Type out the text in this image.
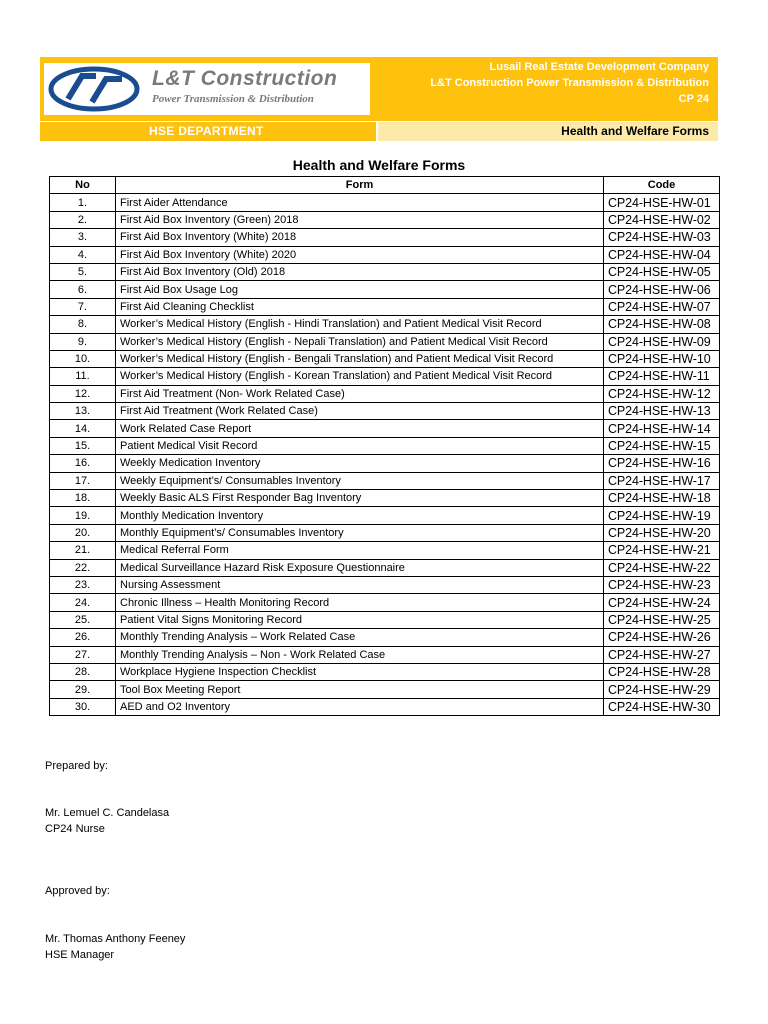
L&T Construction
Power Transmission & Distribution
Lusail Real Estate Development Company
L&T Construction Power Transmission & Distribution
CP 24
HSE DEPARTMENT	Health and Welfare Forms
Health and Welfare Forms
No	Form	Code
1.	First Aider Attendance	CP24-HSE-HW-01
2.	First Aid Box Inventory (Green) 2018	CP24-HSE-HW-02
3.	First Aid Box Inventory (White) 2018	CP24-HSE-HW-03
4.	First Aid Box Inventory (White) 2020	CP24-HSE-HW-04
5.	First Aid Box Inventory (Old) 2018	CP24-HSE-HW-05
6.	First Aid Box Usage Log	CP24-HSE-HW-06
7.	First Aid Cleaning Checklist	CP24-HSE-HW-07
8.	Worker’s Medical History (English - Hindi Translation) and Patient Medical Visit Record	CP24-HSE-HW-08
9.	Worker’s Medical History (English - Nepali Translation) and Patient Medical Visit Record	CP24-HSE-HW-09
10.	Worker’s Medical History (English - Bengali Translation) and Patient Medical Visit Record	CP24-HSE-HW-10
11.	Worker’s Medical History (English - Korean Translation) and Patient Medical Visit Record	CP24-HSE-HW-11
12.	First Aid Treatment (Non- Work Related Case)	CP24-HSE-HW-12
13.	First Aid Treatment (Work Related Case)	CP24-HSE-HW-13
14.	Work Related Case Report	CP24-HSE-HW-14
15.	Patient Medical Visit Record	CP24-HSE-HW-15
16.	Weekly Medication Inventory	CP24-HSE-HW-16
17.	Weekly Equipment’s/ Consumables Inventory	CP24-HSE-HW-17
18.	Weekly Basic ALS First Responder Bag Inventory	CP24-HSE-HW-18
19.	Monthly Medication Inventory	CP24-HSE-HW-19
20.	Monthly Equipment’s/ Consumables Inventory	CP24-HSE-HW-20
21.	Medical Referral Form	CP24-HSE-HW-21
22.	Medical Surveillance Hazard Risk Exposure Questionnaire	CP24-HSE-HW-22
23.	Nursing Assessment	CP24-HSE-HW-23
24.	Chronic Illness – Health Monitoring Record	CP24-HSE-HW-24
25.	Patient Vital Signs Monitoring Record	CP24-HSE-HW-25
26.	Monthly Trending Analysis – Work Related Case	CP24-HSE-HW-26
27.	Monthly Trending Analysis – Non - Work Related Case	CP24-HSE-HW-27
28.	Workplace Hygiene Inspection Checklist	CP24-HSE-HW-28
29.	Tool Box Meeting Report	CP24-HSE-HW-29
30.	AED and O2 Inventory	CP24-HSE-HW-30
Prepared by:
Mr. Lemuel C. Candelasa
CP24 Nurse
Approved by:
Mr. Thomas Anthony Feeney
HSE Manager
